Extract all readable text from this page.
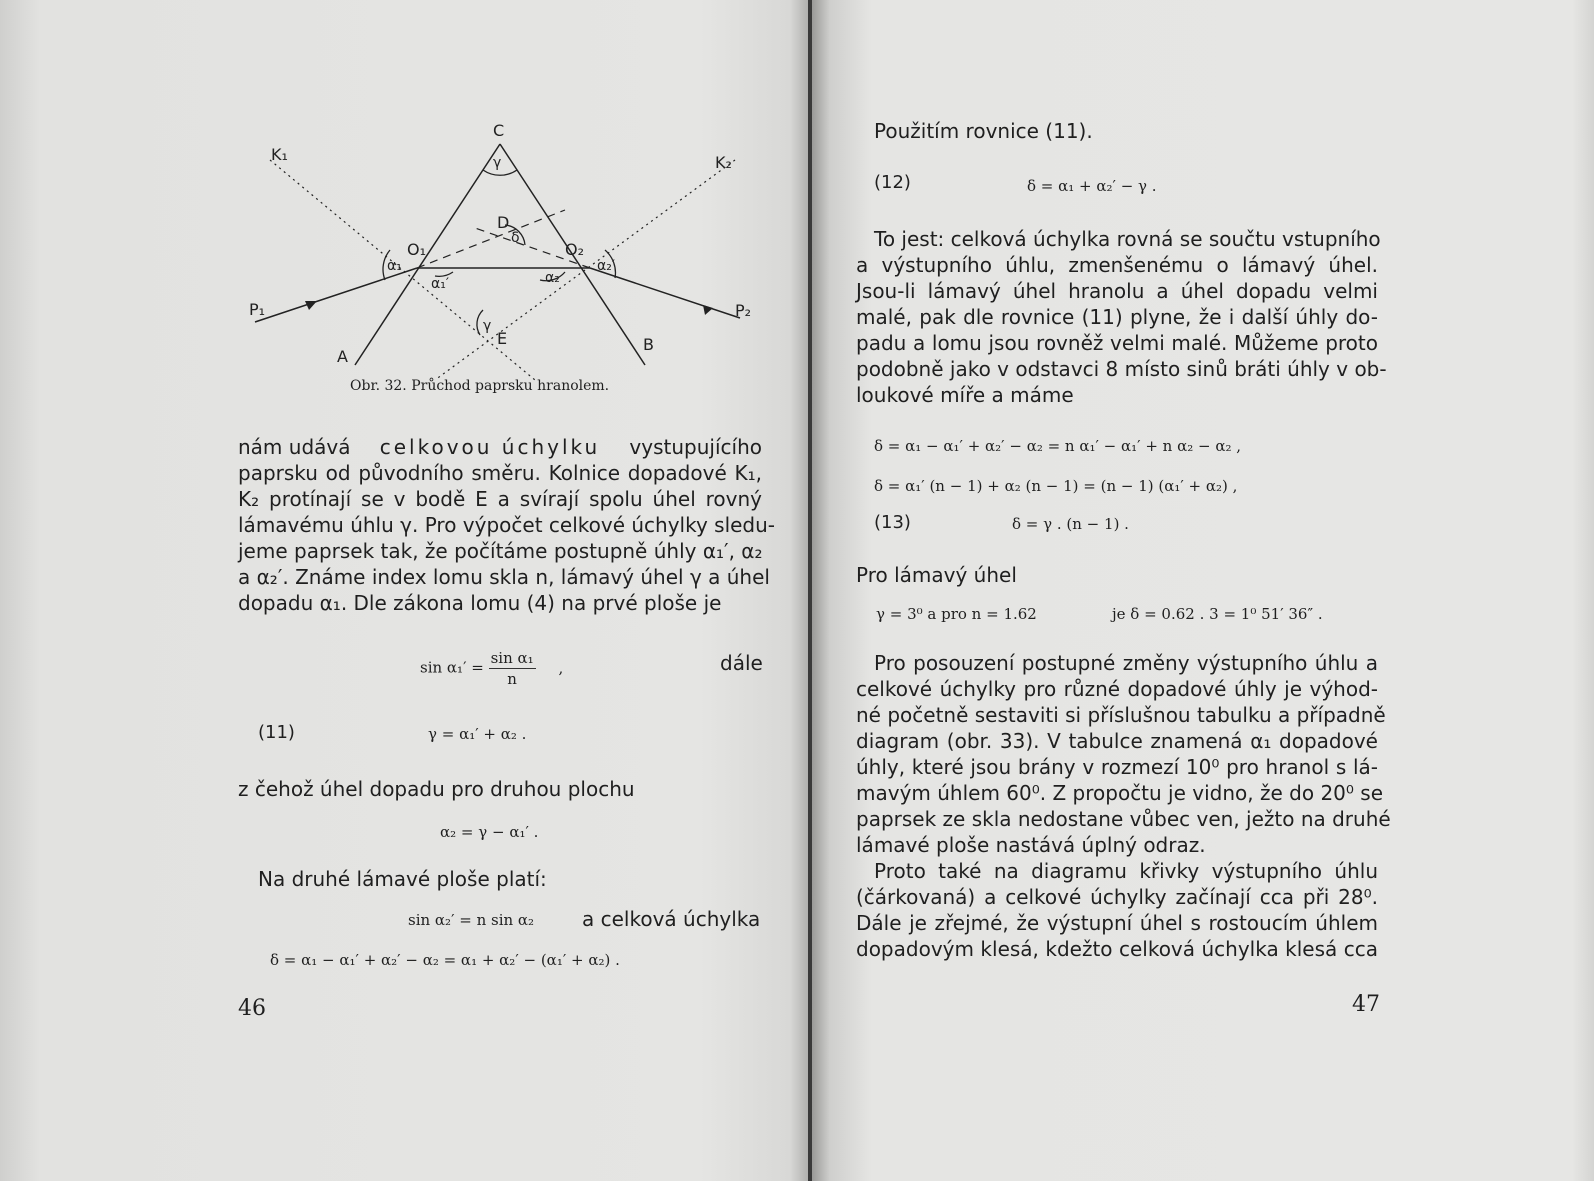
C
K₁	K₂
D
O₁	O₂
P₁	P₂
A
B
E
γ
δ
α₁
α₁′	α₂
α₂′
γ
Obr. 32. Průchod paprsku hranolem.
nám udává celkovou úchylku vystupujícího
paprsku od původního směru. Kolnice dopadové K₁,
K₂ protínají se v bodě E a svírají spolu úhel rovný
lámavému úhlu γ. Pro výpočet celkové úchylky sledu-
jeme paprsek tak, že počítáme postupně úhly α₁′, α₂
a α₂′. Známe index lomu skla n, lámavý úhel γ a úhel
dopadu α₁. Dle zákona lomu (4) na prvé ploše je
$\sin \alpha_1' = \frac{\text{sin α₁}}{n}$ ,	dále
(11)	γ = α₁′ + α₂ .
z čehož úhel dopadu pro druhou plochu
α₂ = γ − α₁′ .
Na druhé lámavé ploše platí:
sin α₂′ = n sin α₂ a celková úchylka
δ = α₁ − α₁′ + α₂′ − α₂ = α₁ + α₂′ − (α₁′ + α₂) .
46
Použitím rovnice (11).
(12)	δ = α₁ + α₂′ − γ .
To jest: celková úchylka rovná se součtu vstupního
a výstupního úhlu, zmenšenému o lámavý úhel.
Jsou-li lámavý úhel hranolu a úhel dopadu velmi
malé, pak dle rovnice (11) plyne, že i další úhly do-
padu a lomu jsou rovněž velmi malé. Můžeme proto
podobně jako v odstavci 8 místo sinů bráti úhly v ob-
loukové míře a máme
δ = α₁ − α₁′ + α₂′ − α₂ = n α₁′ − α₁′ + n α₂ − α₂ ,
δ = α₁′ (n − 1) + α₂ (n − 1) = (n − 1) (α₁′ + α₂) ,
(13)	δ = γ . (n − 1) .
Pro lámavý úhel
γ = 3⁰ a pro n = 1.62	je δ = 0.62 . 3 = 1⁰ 51′ 36″ .
Pro posouzení postupné změny výstupního úhlu a
celkové úchylky pro různé dopadové úhly je výhod-
né početně sestaviti si příslušnou tabulku a případně
diagram (obr. 33). V tabulce znamená α₁ dopadové
úhly, které jsou brány v rozmezí 10⁰ pro hranol s lá-
mavým úhlem 60⁰. Z propočtu je vidno, že do 20⁰ se
paprsek ze skla nedostane vůbec ven, ježto na druhé
lámavé ploše nastává úplný odraz.
Proto také na diagramu křivky výstupního úhlu
(čárkovaná) a celkové úchylky začínají cca při 28⁰.
Dále je zřejmé, že výstupní úhel s rostoucím úhlem
dopadovým klesá, kdežto celková úchylka klesá cca
47
